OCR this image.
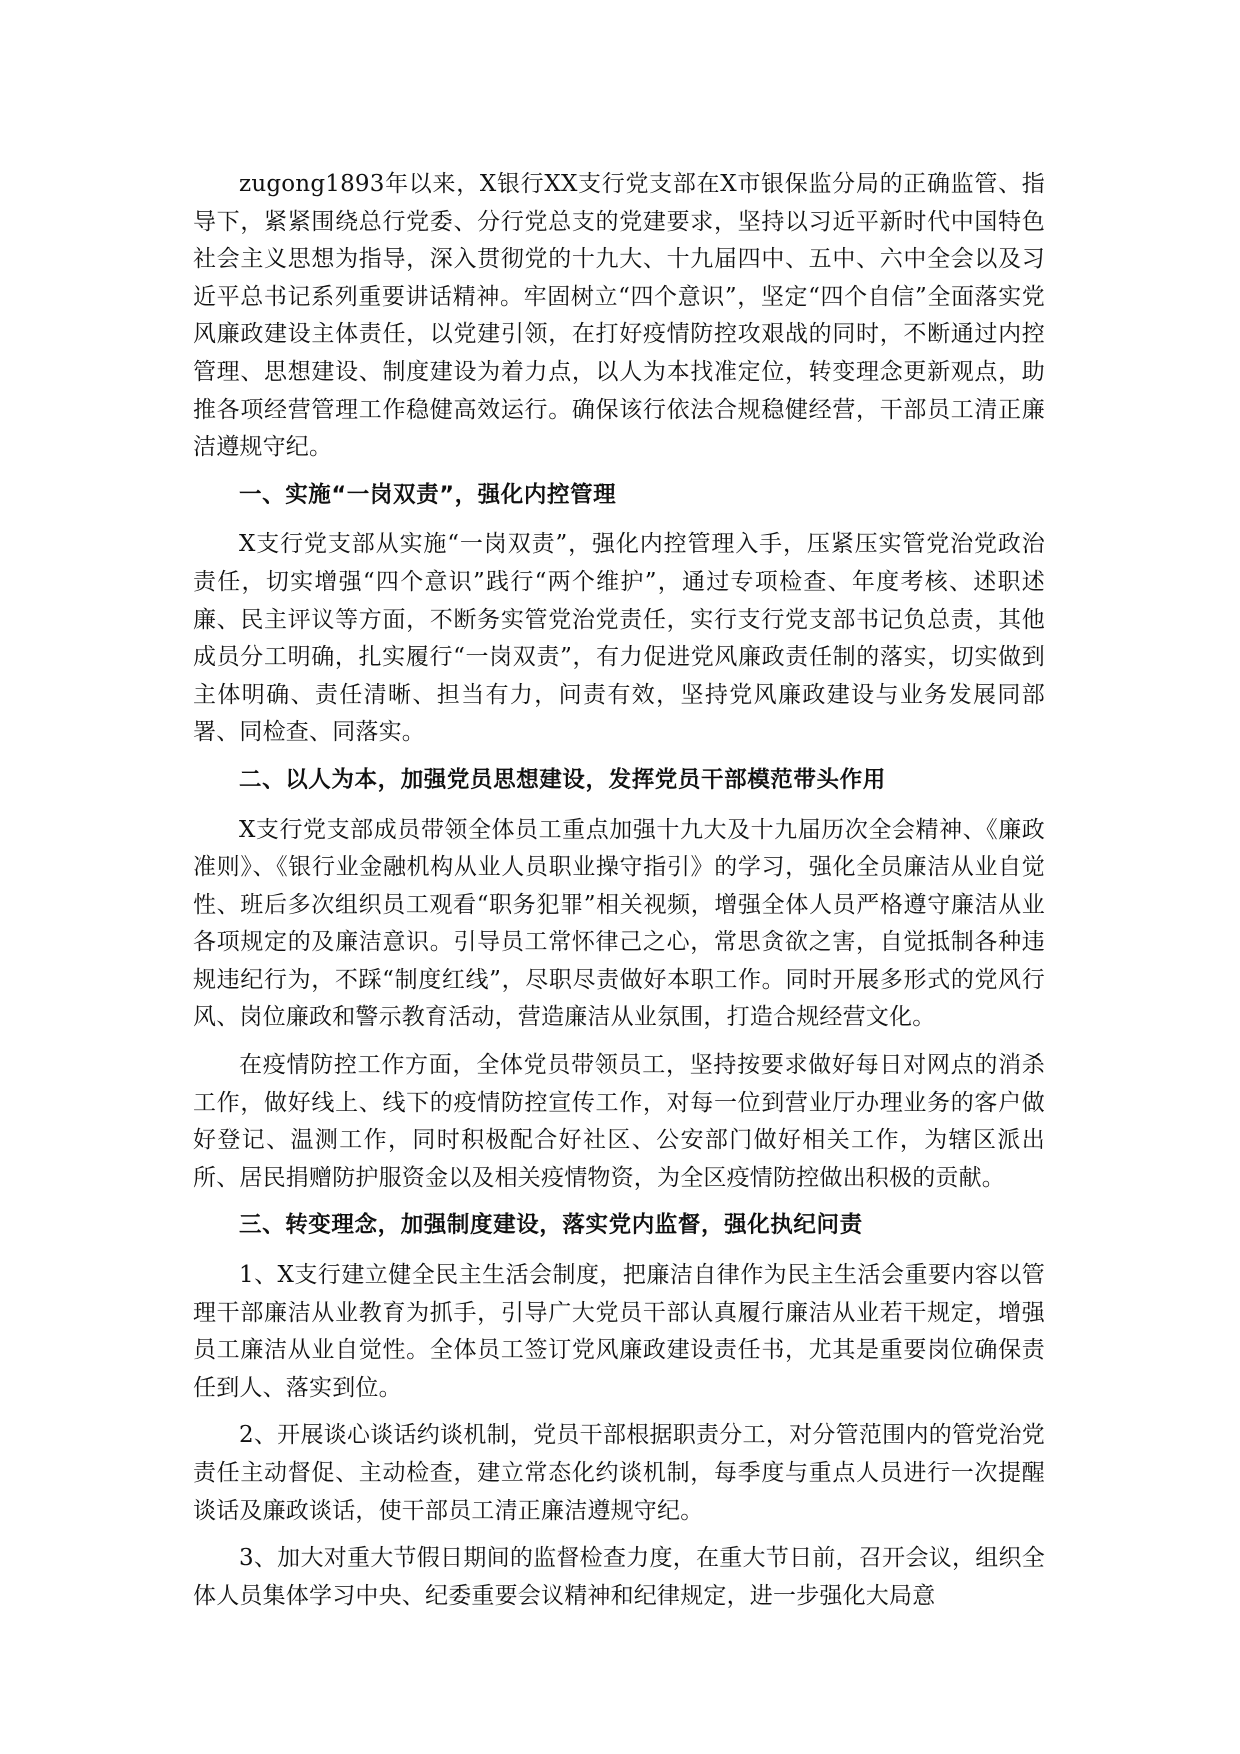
zugong1893年以来，X银行XX支行党支部在X市银保监分局的正确监管、指导下，紧紧围绕总行党委、分行党总支的党建要求，坚持以习近平新时代中国特色社会主义思想为指导，深入贯彻党的十九大、十九届四中、五中、六中全会以及习近平总书记系列重要讲话精神。牢固树立“四个意识”，坚定“四个自信”全面落实党风廉政建设主体责任，以党建引领，在打好疫情防控攻艰战的同时，不断通过内控管理、思想建设、制度建设为着力点，以人为本找准定位，转变理念更新观点，助推各项经营管理工作稳健高效运行。确保该行依法合规稳健经营，干部员工清正廉洁遵规守纪。

一、实施“一岗双责”，强化内控管理

X支行党支部从实施“一岗双责”，强化内控管理入手，压紧压实管党治党政治责任，切实增强“四个意识”践行“两个维护”，通过专项检查、年度考核、述职述廉、民主评议等方面，不断务实管党治党责任，实行支行党支部书记负总责，其他成员分工明确，扎实履行“一岗双责”，有力促进党风廉政责任制的落实，切实做到主体明确、责任清晰、担当有力，问责有效，坚持党风廉政建设与业务发展同部署、同检查、同落实。

二、以人为本，加强党员思想建设，发挥党员干部模范带头作用

X支行党支部成员带领全体员工重点加强十九大及十九届历次全会精神、《廉政准则》、《银行业金融机构从业人员职业操守指引》的学习，强化全员廉洁从业自觉性、班后多次组织员工观看“职务犯罪”相关视频，增强全体人员严格遵守廉洁从业各项规定的及廉洁意识。引导员工常怀律己之心，常思贪欲之害，自觉抵制各种违规违纪行为，不踩“制度红线”，尽职尽责做好本职工作。同时开展多形式的党风行风、岗位廉政和警示教育活动，营造廉洁从业氛围，打造合规经营文化。

在疫情防控工作方面，全体党员带领员工，坚持按要求做好每日对网点的消杀工作，做好线上、线下的疫情防控宣传工作，对每一位到营业厅办理业务的客户做好登记、温测工作，同时积极配合好社区、公安部门做好相关工作，为辖区派出所、居民捐赠防护服资金以及相关疫情物资，为全区疫情防控做出积极的贡献。

三、转变理念，加强制度建设，落实党内监督，强化执纪问责

1、X支行建立健全民主生活会制度，把廉洁自律作为民主生活会重要内容以管理干部廉洁从业教育为抓手，引导广大党员干部认真履行廉洁从业若干规定，增强员工廉洁从业自觉性。全体员工签订党风廉政建设责任书，尤其是重要岗位确保责任到人、落实到位。

2、开展谈心谈话约谈机制，党员干部根据职责分工，对分管范围内的管党治党责任主动督促、主动检查，建立常态化约谈机制，每季度与重点人员进行一次提醒谈话及廉政谈话，使干部员工清正廉洁遵规守纪。

3、加大对重大节假日期间的监督检查力度，在重大节日前，召开会议，组织全体人员集体学习中央、纪委重要会议精神和纪律规定，进一步强化大局意
